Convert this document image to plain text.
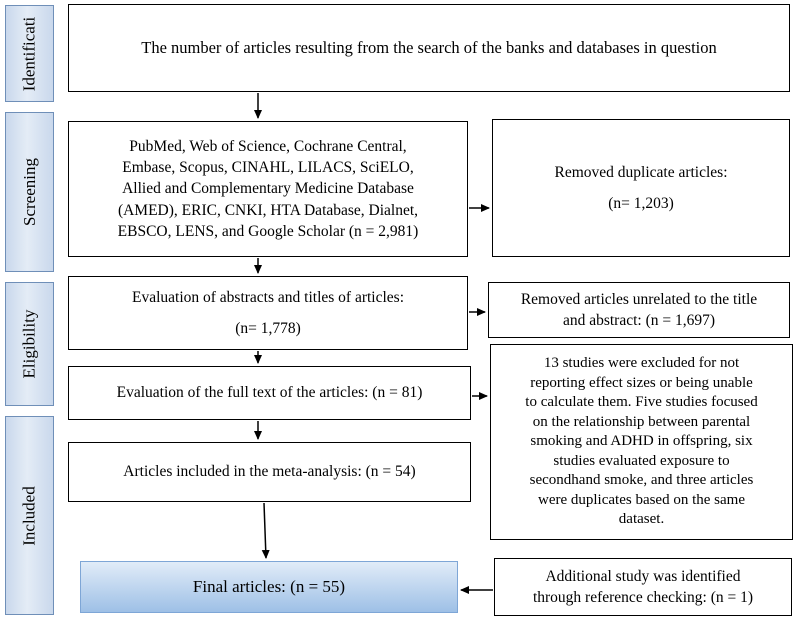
Identificati
Screening
Eligibility
Included

The number of articles resulting from the search of the banks and databases in question

PubMed, Web of Science, Cochrane Central,

Embase, Scopus, CINAHL, LILACS, SciELO,

Allied and Complementary Medicine Database

(AMED), ERIC, CNKI, HTA Database, Dialnet,

EBSCO, LENS, and Google Scholar (n = 2,981)

Removed duplicate articles:

(n= 1,203)

Evaluation of abstracts and titles of articles:

(n= 1,778)

Removed articles unrelated to the title

and abstract: (n = 1,697)

Evaluation of the full text of the articles: (n = 81)

13 studies were excluded for not

reporting effect sizes or being unable

to calculate them. Five studies focused

on the relationship between parental

smoking and ADHD in offspring, six

studies evaluated exposure to

secondhand smoke, and three articles

were duplicates based on the same

dataset.

Articles included in the meta-analysis: (n = 54)

Final articles: (n = 55)

Additional study was identified

through reference checking: (n = 1)
